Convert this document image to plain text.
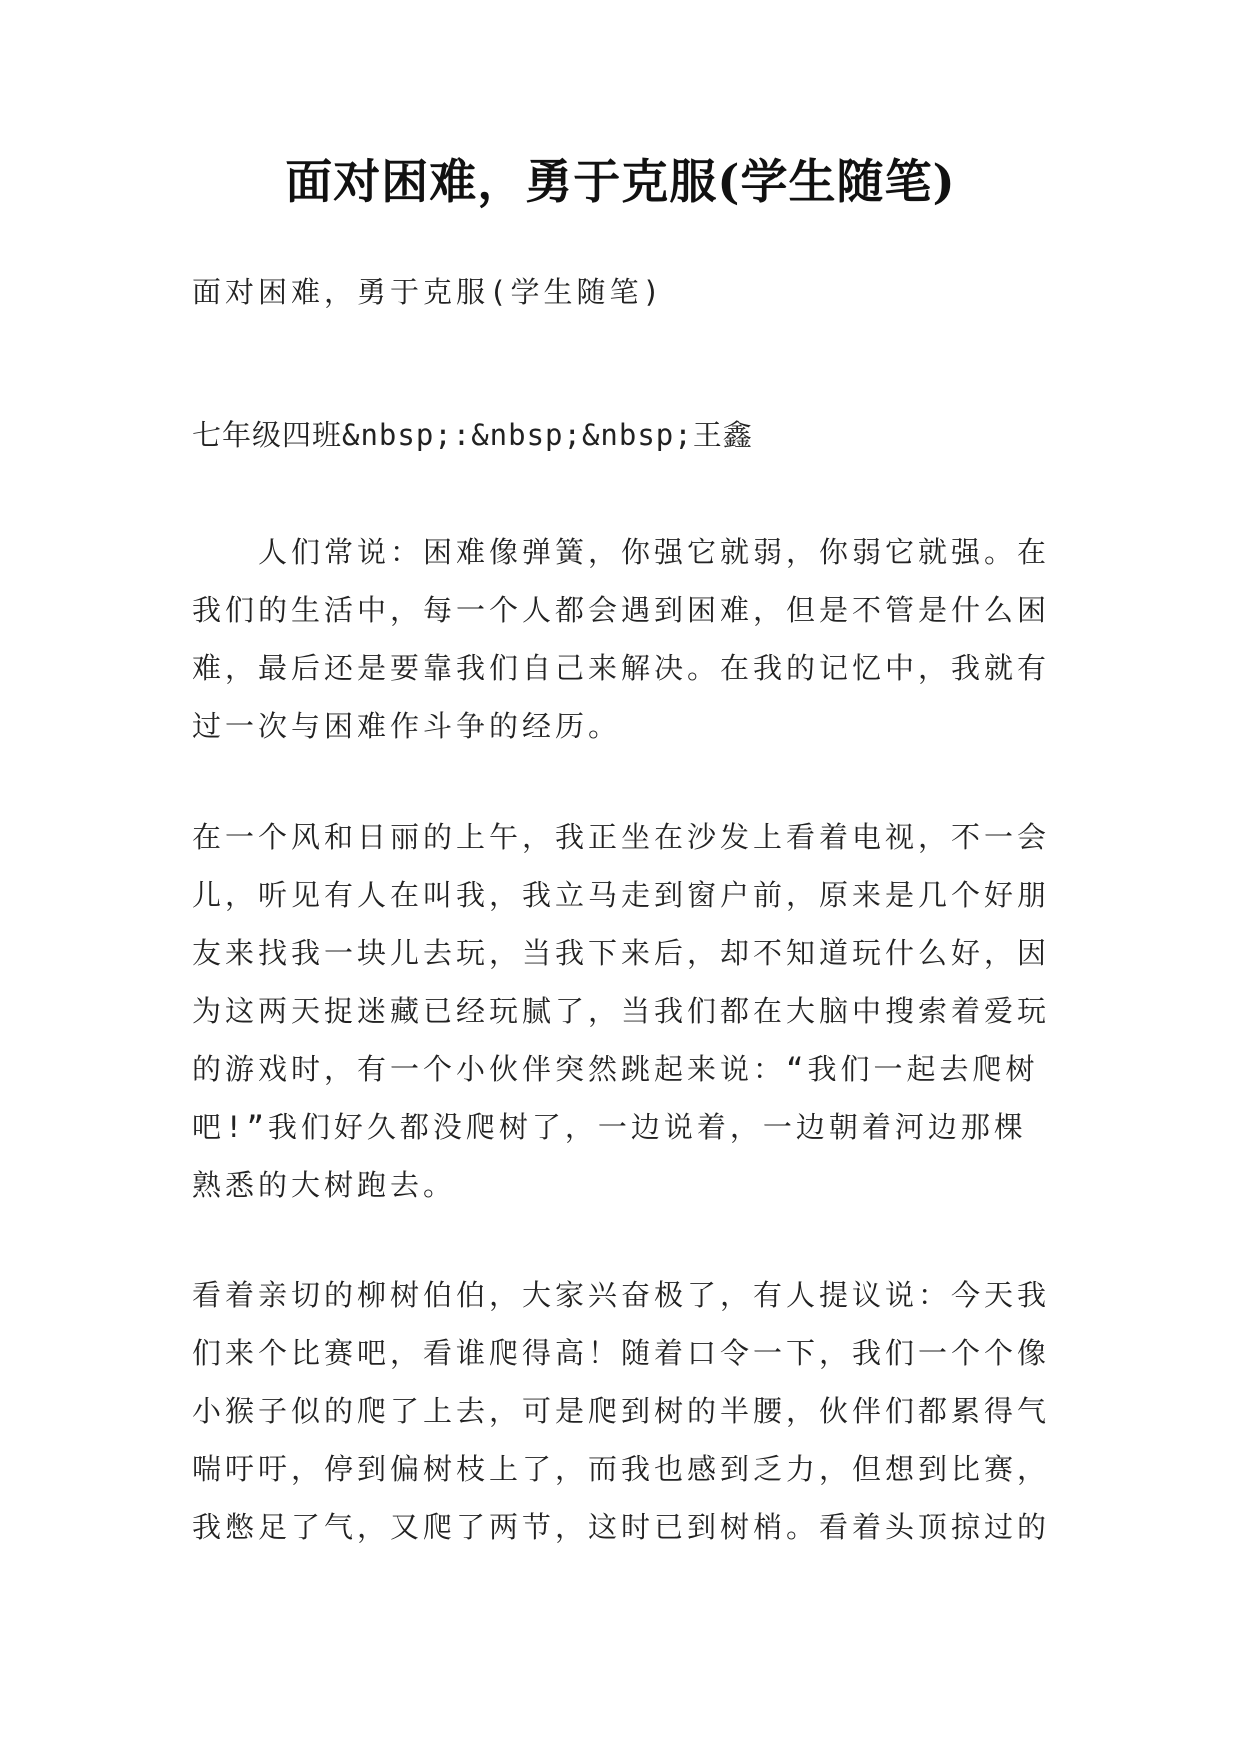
面对困难，勇于克服(学生随笔)

面对困难，勇于克服(学生随笔)

七年级四班&nbsp;:&nbsp;&nbsp;王鑫

人们常说：困难像弹簧，你强它就弱，你弱它就强。在我们的生活中，每一个人都会遇到困难，但是不管是什么困难，最后还是要靠我们自己来解决。在我的记忆中，我就有过一次与困难作斗争的经历。

在一个风和日丽的上午，我正坐在沙发上看着电视，不一会儿，听见有人在叫我，我立马走到窗户前，原来是几个好朋友来找我一块儿去玩，当我下来后，却不知道玩什么好，因为这两天捉迷藏已经玩腻了，当我们都在大脑中搜索着爱玩的游戏时，有一个小伙伴突然跳起来说：“我们一起去爬树吧!”我们好久都没爬树了，一边说着，一边朝着河边那棵熟悉的大树跑去。

看着亲切的柳树伯伯，大家兴奋极了，有人提议说：今天我们来个比赛吧，看谁爬得高！随着口令一下，我们一个个像小猴子似的爬了上去，可是爬到树的半腰，伙伴们都累得气喘吁吁，停到偏树枝上了，而我也感到乏力，但想到比赛，我憋足了气，又爬了两节，这时已到树梢。看着头顶掠过的
